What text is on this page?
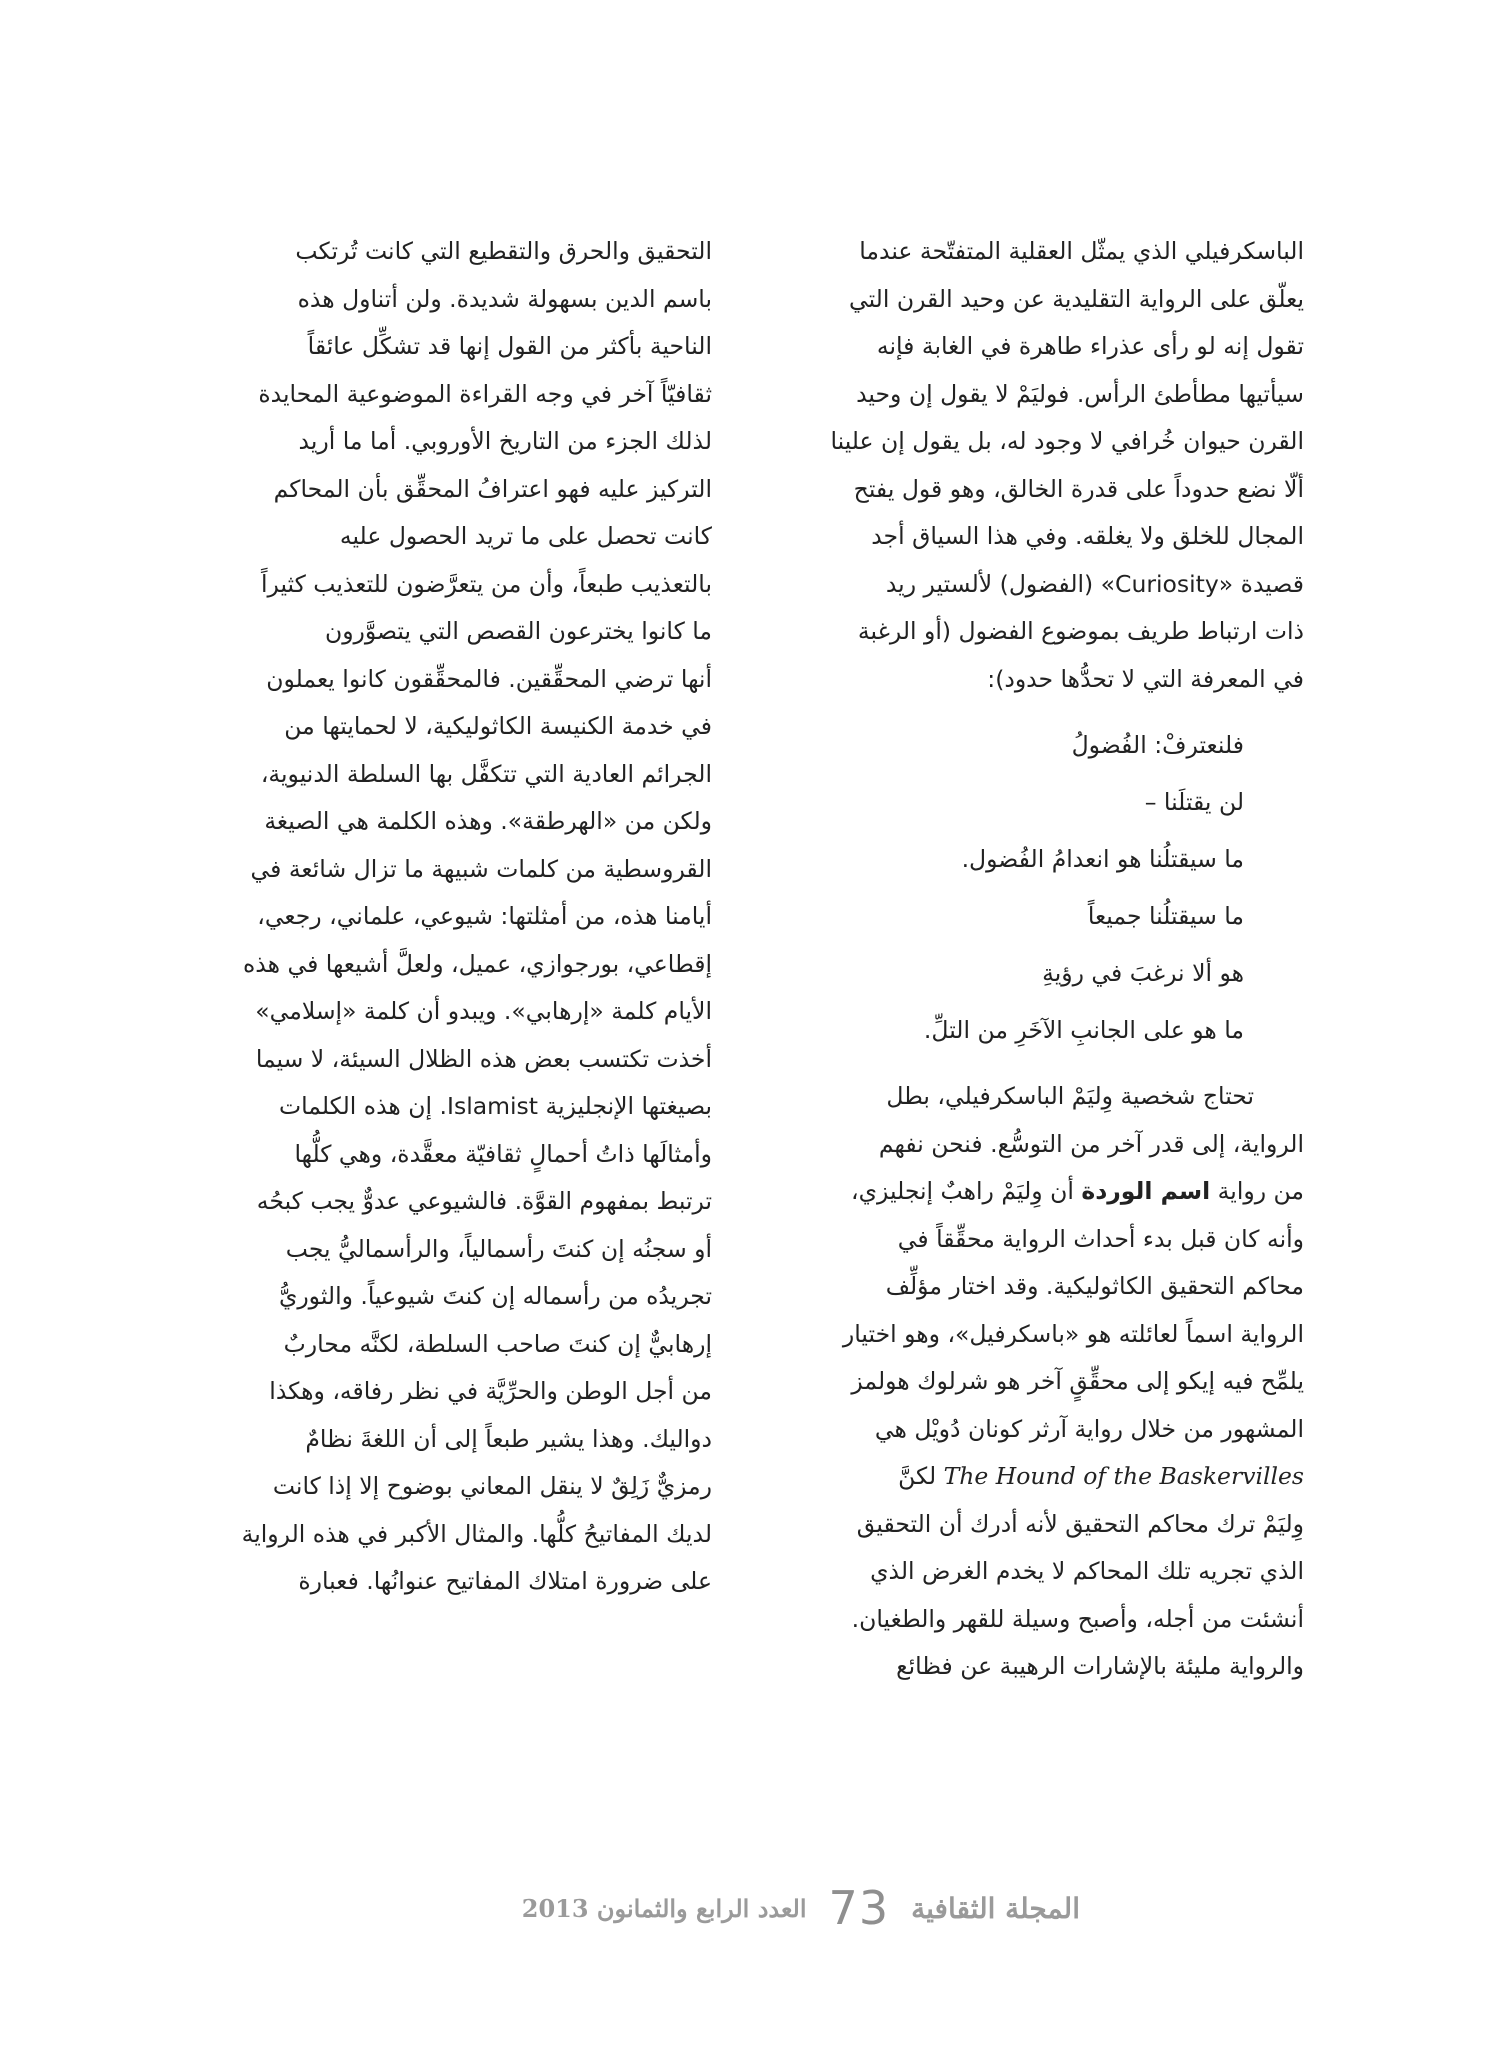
الباسكرفيلي الذي يمثّل العقلية المتفتّحة عندما
يعلّق على الرواية التقليدية عن وحيد القرن التي
تقول إنه لو رأى عذراء طاهرة في الغابة فإنه
سيأتيها مطأطئ الرأس. فوليَمْ لا يقول إن وحيد
القرن حيوان خُرافي لا وجود له، بل يقول إن علينا
ألّا نضع حدوداً على قدرة الخالق، وهو قول يفتح
المجال للخلق ولا يغلقه. وفي هذا السياق أجد
قصيدة «Curiosity» (الفضول) لألستير ريد
ذات ارتباط طريف بموضوع الفضول (أو الرغبة
في المعرفة التي لا تحدُّها حدود):
فلنعترفْ: الفُضولُ
لن يقتلَنا –
ما سيقتلُنا هو انعدامُ الفُضول.
ما سيقتلُنا جميعاً
هو ألا نرغبَ في رؤيةِ
ما هو على الجانبِ الآخَرِ من التلِّ.
تحتاج شخصية وِليَمْ الباسكرفيلي، بطل
الرواية، إلى قدر آخر من التوسُّع. فنحن نفهم
من رواية اسم الوردة أن وِليَمْ راهبٌ إنجليزي،
وأنه كان قبل بدء أحداث الرواية محقِّقاً في
محاكم التحقيق الكاثوليكية. وقد اختار مؤلِّف
الرواية اسماً لعائلته هو «باسكرفيل»، وهو اختيار
يلمِّح فيه إيكو إلى محقِّقٍ آخر هو شرلوك هولمز
المشهور من خلال رواية آرثر كونان دُويْل هي
The Hound of the Baskervilles لكنَّ
وِليَمْ ترك محاكم التحقيق لأنه أدرك أن التحقيق
الذي تجريه تلك المحاكم لا يخدم الغرض الذي
أنشئت من أجله، وأصبح وسيلة للقهر والطغيان.
والرواية مليئة بالإشارات الرهيبة عن فظائع
التحقيق والحرق والتقطيع التي كانت تُرتكب
باسم الدين بسهولة شديدة. ولن أتناول هذه
الناحية بأكثر من القول إنها قد تشكِّل عائقاً
ثقافيّاً آخر في وجه القراءة الموضوعية المحايدة
لذلك الجزء من التاريخ الأوروبي. أما ما أريد
التركيز عليه فهو اعترافُ المحقِّق بأن المحاكم
كانت تحصل على ما تريد الحصول عليه
بالتعذيب طبعاً، وأن من يتعرَّضون للتعذيب كثيراً
ما كانوا يخترعون القصص التي يتصوَّرون
أنها ترضي المحقِّقين. فالمحقِّقون كانوا يعملون
في خدمة الكنيسة الكاثوليكية، لا لحمايتها من
الجرائم العادية التي تتكفَّل بها السلطة الدنيوية،
ولكن من «الهرطقة». وهذه الكلمة هي الصيغة
القروسطية من كلمات شبيهة ما تزال شائعة في
أيامنا هذه، من أمثلتها: شيوعي، علماني، رجعي،
إقطاعي، بورجوازي، عميل، ولعلَّ أشيعها في هذه
الأيام كلمة «إرهابي». ويبدو أن كلمة «إسلامي»
أخذت تكتسب بعض هذه الظلال السيئة، لا سيما
بصيغتها الإنجليزية Islamist. إن هذه الكلمات
وأمثالَها ذاتُ أحمالٍ ثقافيّة معقَّدة، وهي كلُّها
ترتبط بمفهوم القوَّة. فالشيوعي عدوٌّ يجب كبحُه
أو سجنُه إن كنتَ رأسمالياً، والرأسماليُّ يجب
تجريدُه من رأسماله إن كنتَ شيوعياً. والثوريُّ
إرهابيٌّ إن كنتَ صاحب السلطة، لكنَّه محاربٌ
من أجل الوطن والحرِّيَّة في نظر رفاقه، وهكذا
دواليك. وهذا يشير طبعاً إلى أن اللغةَ نظامٌ
رمزيٌّ زَلِقٌ لا ينقل المعاني بوضوح إلا إذا كانت
لديك المفاتيحُ كلُّها. والمثال الأكبر في هذه الرواية
على ضرورة امتلاك المفاتيح عنوانُها. فعبارة
المجلة الثقافية
73
العدد الرابع والثمانون 2013
